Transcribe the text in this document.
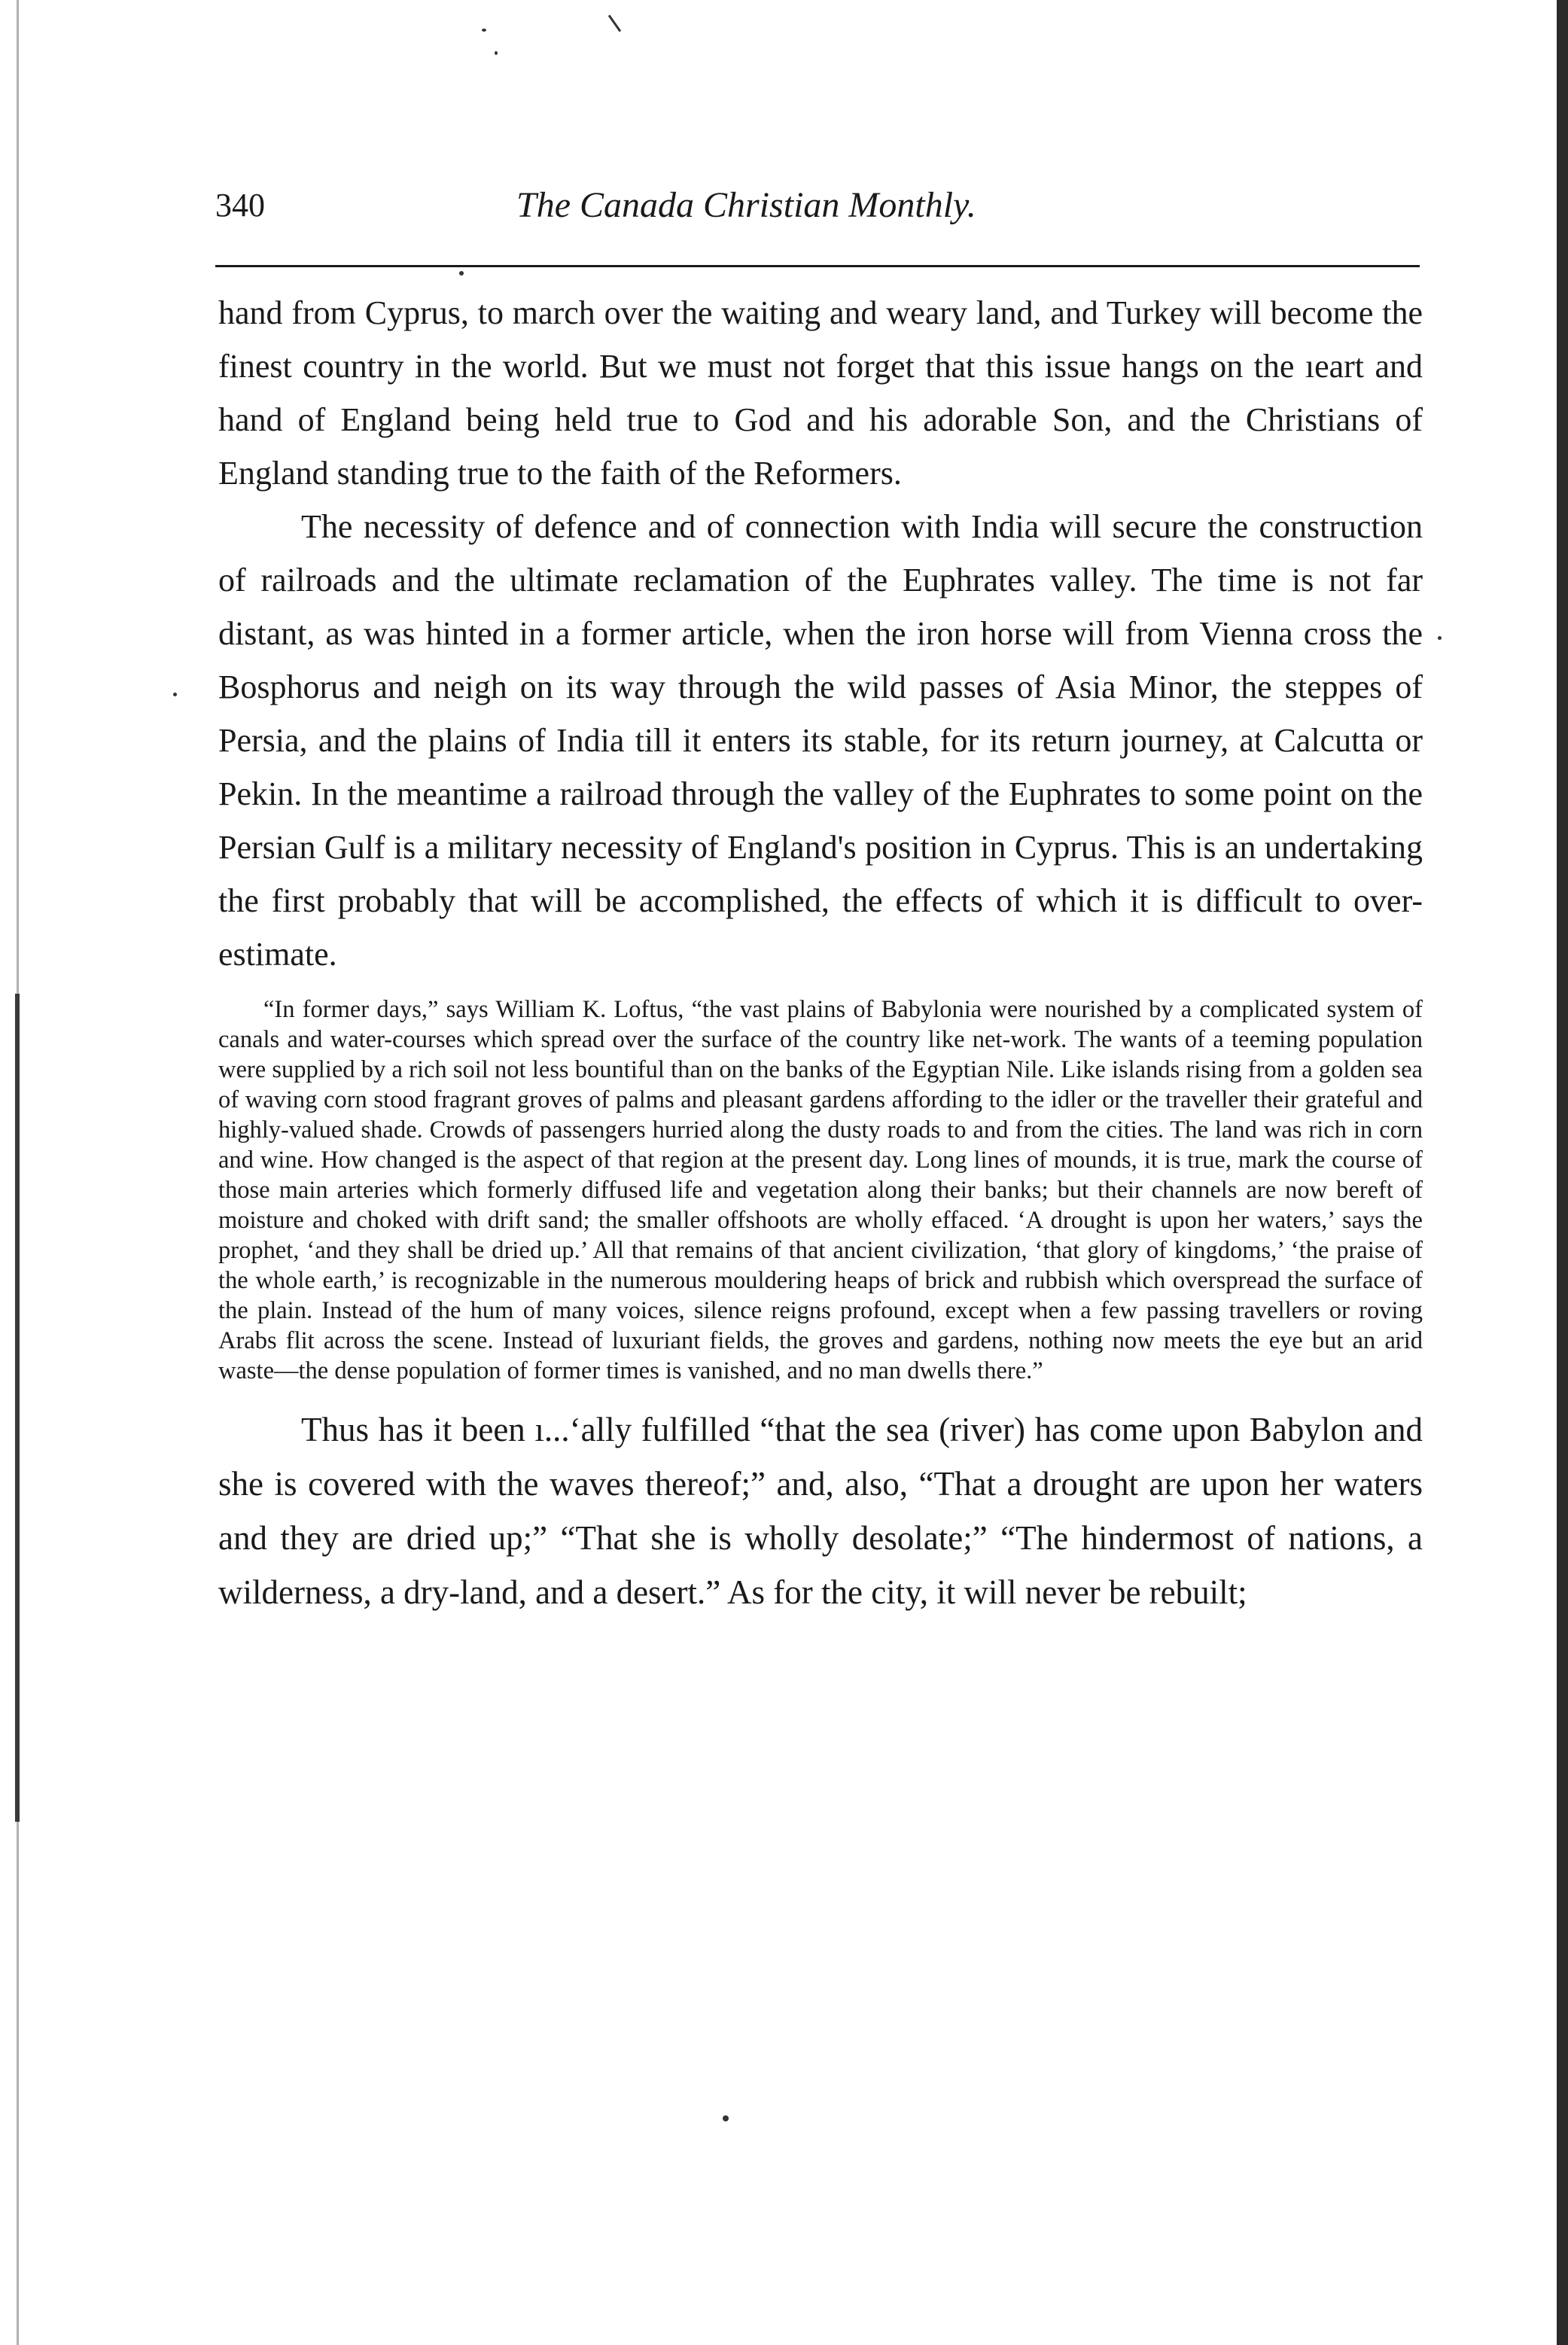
340	The Canada Christian Monthly.

hand from Cyprus, to march over the waiting and weary land, and Turkey will become the finest country in the world. But we must not forget that this issue hangs on the ıeart and hand of England being held true to God and his adorable Son, and the Christians of England standing true to the faith of the Reformers.

The necessity of defence and of connection with India will secure the construction of railroads and the ultimate reclamation of the Euphrates valley. The time is not far distant, as was hinted in a former article, when the iron horse will from Vienna cross the Bosphorus and neigh on its way through the wild passes of Asia Minor, the steppes of Persia, and the plains of India till it enters its stable, for its return journey, at Calcutta or Pekin. In the meantime a railroad through the valley of the Euphrates to some point on the Persian Gulf is a military necessity of England's position in Cyprus. This is an undertaking the first probably that will be accomplished, the effects of which it is difficult to over-estimate.

“In former days,” says William K. Loftus, “the vast plains of Babylonia were nourished by a complicated system of canals and water-courses which spread over the surface of the country like net-work. The wants of a teeming population were supplied by a rich soil not less bountiful than on the banks of the Egyptian Nile. Like islands rising from a golden sea of waving corn stood fragrant groves of palms and pleasant gardens affording to the idler or the traveller their grateful and highly-valued shade. Crowds of passengers hurried along the dusty roads to and from the cities. The land was rich in corn and wine. How changed is the aspect of that region at the present day. Long lines of mounds, it is true, mark the course of those main arteries which formerly diffused life and vegetation along their banks; but their channels are now bereft of moisture and choked with drift sand; the smaller offshoots are wholly effaced. ‘A drought is upon her waters,’ says the prophet, ‘and they shall be dried up.’ All that remains of that ancient civilization, ‘that glory of kingdoms,’ ‘the praise of the whole earth,’ is recognizable in the numerous mouldering heaps of brick and rubbish which overspread the surface of the plain. Instead of the hum of many voices, silence reigns profound, except when a few passing travellers or roving Arabs flit across the scene. Instead of luxuriant fields, the groves and gardens, nothing now meets the eye but an arid waste—the dense population of former times is vanished, and no man dwells there.”

Thus has it been ı...‘ally fulfilled “that the sea (river) has come upon Babylon and she is covered with the waves thereof;” and, also, “That a drought are upon her waters and they are dried up;” “That she is wholly desolate;” “The hindermost of nations, a wilderness, a dry-land, and a desert.” As for the city, it will never be rebuilt;
